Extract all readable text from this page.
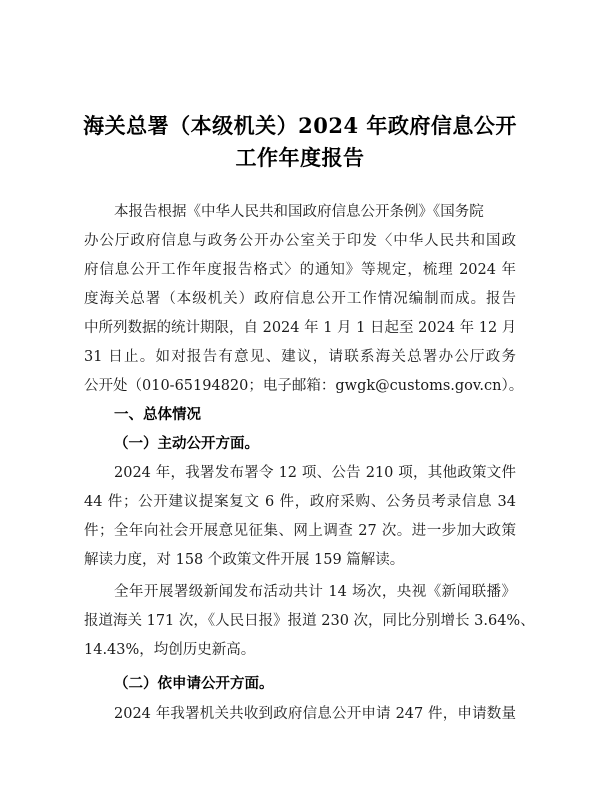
海关总署（本级机关）2024 年政府信息公开
工作年度报告
本报告根据《中华人民共和国政府信息公开条例》《国务院
办公厅政府信息与政务公开办公室关于印发〈中华人民共和国政
府信息公开工作年度报告格式〉的通知》等规定，梳理 2024 年
度海关总署（本级机关）政府信息公开工作情况编制而成。报告
中所列数据的统计期限，自 2024 年 1 月 1 日起至 2024 年 12 月
31 日止。如对报告有意见、建议，请联系海关总署办公厅政务
公开处（010-65194820；电子邮箱：gwgk@customs.gov.cn）。
一、总体情况
（一）主动公开方面。
2024 年，我署发布署令 12 项、公告 210 项，其他政策文件
44 件；公开建议提案复文 6 件，政府采购、公务员考录信息 34
件；全年向社会开展意见征集、网上调查 27 次。进一步加大政策
解读力度，对 158 个政策文件开展 159 篇解读。
全年开展署级新闻发布活动共计 14 场次，央视《新闻联播》
报道海关 171 次，《人民日报》报道 230 次，同比分别增长 3.64%、
14.43%，均创历史新高。
（二）依申请公开方面。
2024 年我署机关共收到政府信息公开申请 247 件，申请数量
